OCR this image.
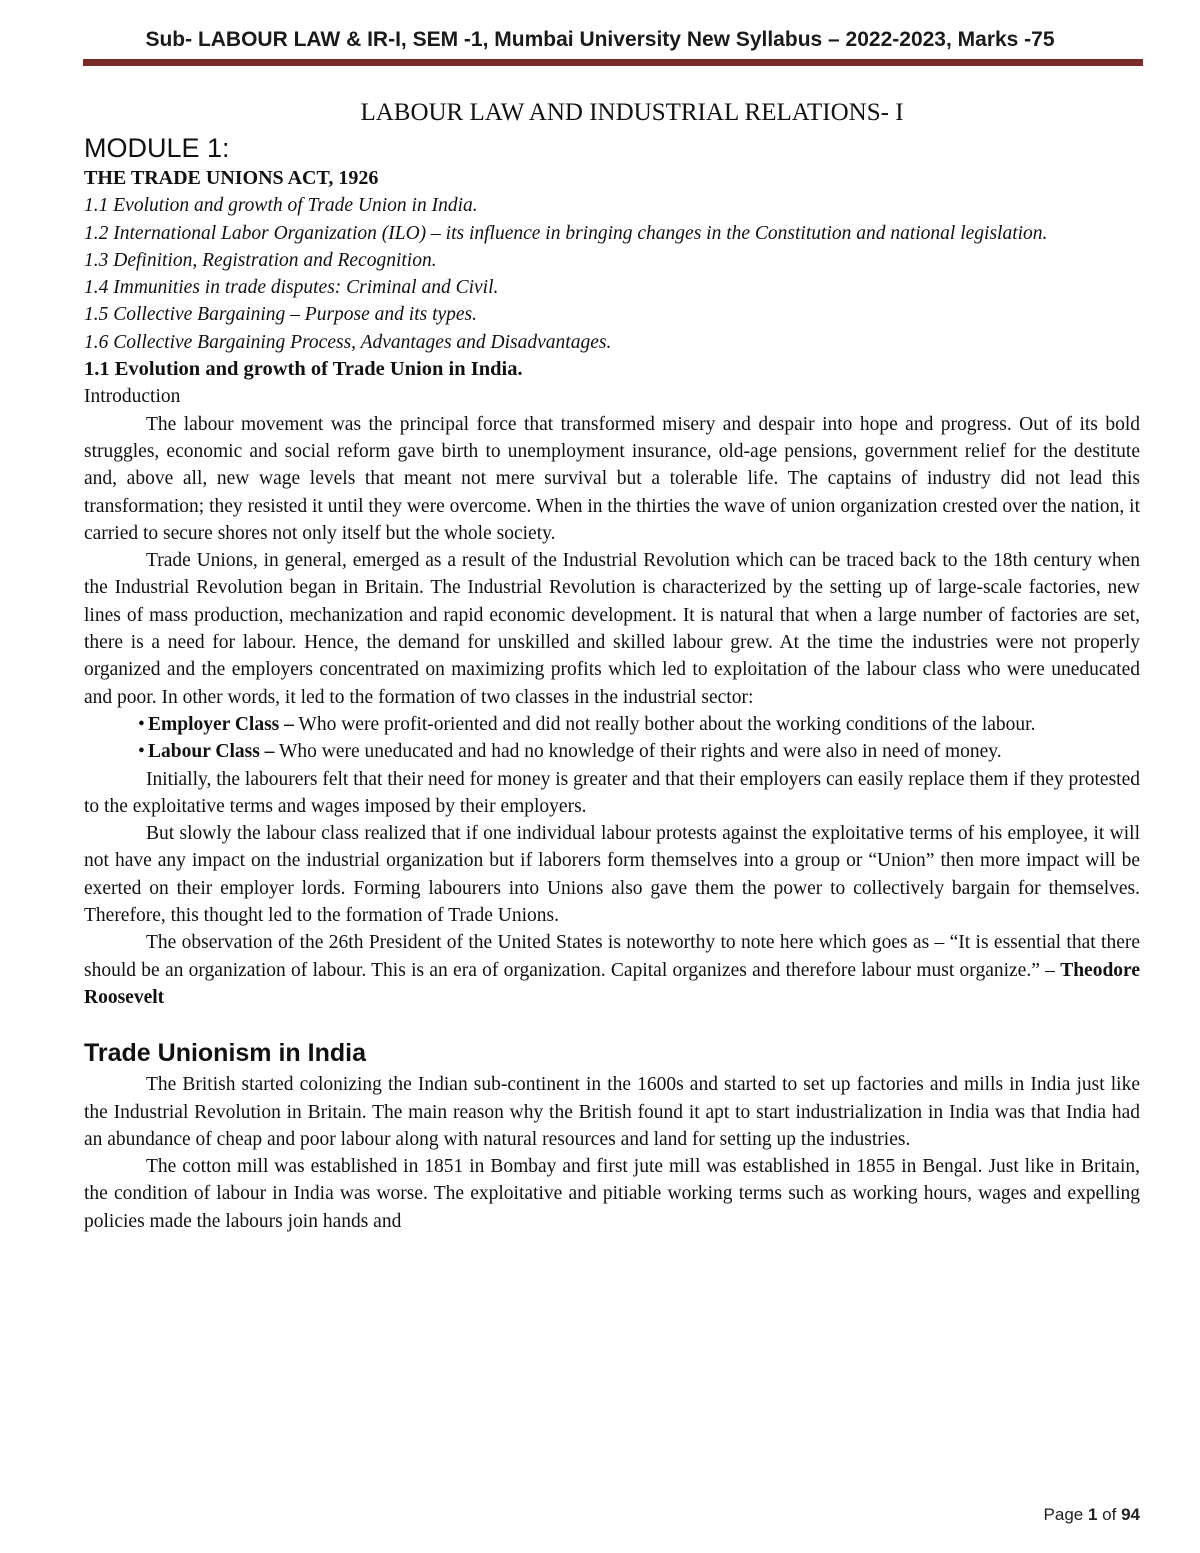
Sub- LABOUR LAW & IR-I, SEM -1, Mumbai University New Syllabus – 2022-2023, Marks -75

LABOUR LAW AND INDUSTRIAL RELATIONS- I

MODULE 1:

THE TRADE UNIONS ACT, 1926

1.1 Evolution and growth of Trade Union in India.

1.2 International Labor Organization (ILO) – its influence in bringing changes in the Constitution and national legislation.

1.3 Definition, Registration and Recognition.

1.4 Immunities in trade disputes: Criminal and Civil.

1.5 Collective Bargaining – Purpose and its types.

1.6 Collective Bargaining Process, Advantages and Disadvantages.

1.1 Evolution and growth of Trade Union in India.

Introduction

The labour movement was the principal force that transformed misery and despair into hope and progress. Out of its bold struggles, economic and social reform gave birth to unemployment insurance, old-age pensions, government relief for the destitute and, above all, new wage levels that meant not mere survival but a tolerable life. The captains of industry did not lead this transformation; they resisted it until they were overcome. When in the thirties the wave of union organization crested over the nation, it carried to secure shores not only itself but the whole society.

Trade Unions, in general, emerged as a result of the Industrial Revolution which can be traced back to the 18th century when the Industrial Revolution began in Britain. The Industrial Revolution is characterized by the setting up of large-scale factories, new lines of mass production, mechanization and rapid economic development. It is natural that when a large number of factories are set, there is a need for labour. Hence, the demand for unskilled and skilled labour grew. At the time the industries were not properly organized and the employers concentrated on maximizing profits which led to exploitation of the labour class who were uneducated and poor. In other words, it led to the formation of two classes in the industrial sector:

• Employer Class – Who were profit-oriented and did not really bother about the working conditions of the labour.
• Labour Class – Who were uneducated and had no knowledge of their rights and were also in need of money.

Initially, the labourers felt that their need for money is greater and that their employers can easily replace them if they protested to the exploitative terms and wages imposed by their employers.

But slowly the labour class realized that if one individual labour protests against the exploitative terms of his employee, it will not have any impact on the industrial organization but if laborers form themselves into a group or “Union” then more impact will be exerted on their employer lords. Forming labourers into Unions also gave them the power to collectively bargain for themselves. Therefore, this thought led to the formation of Trade Unions.

The observation of the 26th President of the United States is noteworthy to note here which goes as – “It is essential that there should be an organization of labour. This is an era of organization. Capital organizes and therefore labour must organize.” – Theodore Roosevelt

Trade Unionism in India

The British started colonizing the Indian sub-continent in the 1600s and started to set up factories and mills in India just like the Industrial Revolution in Britain. The main reason why the British found it apt to start industrialization in India was that India had an abundance of cheap and poor labour along with natural resources and land for setting up the industries.

The cotton mill was established in 1851 in Bombay and first jute mill was established in 1855 in Bengal. Just like in Britain, the condition of labour in India was worse. The exploitative and pitiable working terms such as working hours, wages and expelling policies made the labours join hands and

Page 1 of 94
